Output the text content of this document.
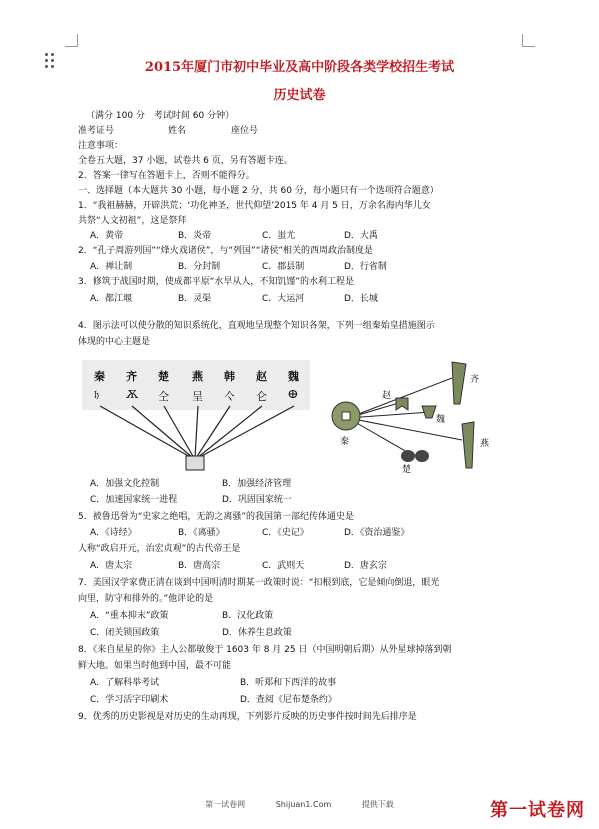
2015年厦门市初中毕业及高中阶段各类学校招生考试
历史试卷
（满分 100 分　考试时间 60 分钟）
准考证号　　　　　　姓名　　　　　座位号
注意事项：
全卷五大题，37 小题，试卷共 6 页，另有答题卡连。
2．答案一律写在答题卡上，否则不能得分。
一、选择题（本大题共 30 小题，每小题 2 分，共 60 分，每小题只有一个选项符合题意）
1．“我祖赫赫，开辟洪荒；‘功化神圣，世代仰望’2015 年 4 月 5 日，万余名海内华儿女
共祭“人文初祖”，这是祭拜
A．黄帝	B．炎帝	C．蚩尤	D．大禹
2．“孔子周游列国”“烽火戏诸侯”，与“列国”“诸侯”相关的西周政治制度是
A．禅让制	B．分封制	C．郡县制	D．行省制
3．修筑于战国时期，使成都平原“水旱从人，不知饥馑”的水利工程是
A．都江堰	B．灵渠	C．大运河	D．长城
4．图示法可以使分散的知识系统化，直观地呈现整个知识各架，下列一组秦始皇措施图示
体现的中心主题是
秦 齐 楚 燕 韩 赵 魏
𝔥 Ѫ 仝 呈 亽 仑 ⴲ
齐
赵
魏
燕
秦
楚
A．加强文化控制	B．加强经济管理
C．加速国家统一进程	D．巩固国家统一
5．被鲁迅誉为“史家之绝唱，无韵之离骚”的我国第一部纪传体通史是
A．《诗经》	B．《离骚》	C．《史记》	D．《资治通鉴》
人称“政启开元，治宏贞观”的古代帝王是
A．唐太宗	B．唐高宗	C．武则天	D．唐玄宗
7．美国汉学家费正清在谈到中国明清时期某一政策时说：“扣根到底，它是倾向倒退，眼光
向里，防守和排外的。”他评论的是
A．“重本抑末”政策	B．汉化政策
C．闭关锁国政策	D．休养生息政策
8．《来自星星的你》主人公都敏俊于 1603 年 8 月 25 日（中国明朝后期）从外星球掉落到朝
鲜大地。如果当时他到中国，最不可能
A．了解科举考试	B．听郑和下西洋的故事
C．学习活字印刷术	D．查阅《尼布楚条约》
9．优秀的历史影视是对历史的生动再现，下列影片反映的历史事件按时间先后排序是
第一试卷网	Shijuan1.Com	提供下载	第一试卷网
